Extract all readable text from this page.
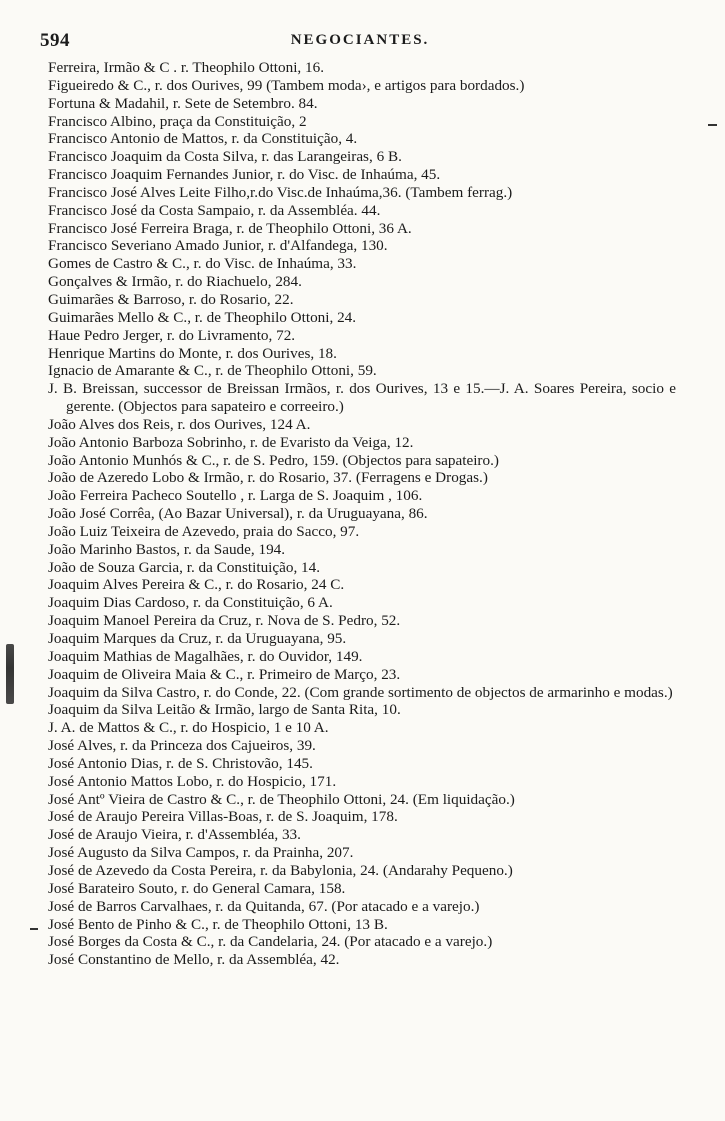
594	NEGOCIANTES.
Ferreira, Irmão & C . r. Theophilo Ottoni, 16.
Figueiredo & C., r. dos Ourives, 99 (Tambem moda›, e artigos para bordados.)
Fortuna & Madahil, r. Sete de Setembro. 84.
Francisco Albino, praça da Constituição, 2
Francisco Antonio de Mattos, r. da Constituição, 4.
Francisco Joaquim da Costa Silva, r. das Larangeiras, 6 B.
Francisco Joaquim Fernandes Junior, r. do Visc. de Inhaúma, 45.
Francisco José Alves Leite Filho,r.do Visc.de Inhaúma,36. (Tambem ferrag.)
Francisco José da Costa Sampaio, r. da Assembléa. 44.
Francisco José Ferreira Braga, r. de Theophilo Ottoni, 36 A.
Francisco Severiano Amado Junior, r. d'Alfandega, 130.
Gomes de Castro & C., r. do Visc. de Inhaúma, 33.
Gonçalves & Irmão, r. do Riachuelo, 284.
Guimarães & Barroso, r. do Rosario, 22.
Guimarães Mello & C., r. de Theophilo Ottoni, 24.
Haue Pedro Jerger, r. do Livramento, 72.
Henrique Martins do Monte, r. dos Ourives, 18.
Ignacio de Amarante & C., r. de Theophilo Ottoni, 59.
J. B. Breissan, successor de Breissan Irmãos, r. dos Ourives, 13 e 15.—J. A. Soares Pereira, socio e gerente. (Objectos para sapateiro e correeiro.)
João Alves dos Reis, r. dos Ourives, 124 A.
João Antonio Barboza Sobrinho, r. de Evaristo da Veiga, 12.
João Antonio Munhós & C., r. de S. Pedro, 159. (Objectos para sapateiro.)
João de Azeredo Lobo & Irmão, r. do Rosario, 37. (Ferragens e Drogas.)
João Ferreira Pacheco Soutello , r. Larga de S. Joaquim , 106.
João José Corrêa, (Ao Bazar Universal), r. da Uruguayana, 86.
João Luiz Teixeira de Azevedo, praia do Sacco, 97.
João Marinho Bastos, r. da Saude, 194.
João de Souza Garcia, r. da Constituição, 14.
Joaquim Alves Pereira & C., r. do Rosario, 24 C.
Joaquim Dias Cardoso, r. da Constituição, 6 A.
Joaquim Manoel Pereira da Cruz, r. Nova de S. Pedro, 52.
Joaquim Marques da Cruz, r. da Uruguayana, 95.
Joaquim Mathias de Magalhães, r. do Ouvidor, 149.
Joaquim de Oliveira Maia & C., r. Primeiro de Março, 23.
Joaquim da Silva Castro, r. do Conde, 22. (Com grande sortimento de objectos de armarinho e modas.)
Joaquim da Silva Leitão & Irmão, largo de Santa Rita, 10.
J. A. de Mattos & C., r. do Hospicio, 1 e 10 A.
José Alves, r. da Princeza dos Cajueiros, 39.
José Antonio Dias, r. de S. Christovão, 145.
José Antonio Mattos Lobo, r. do Hospicio, 171.
José Antº Vieira de Castro & C., r. de Theophilo Ottoni, 24. (Em liquidação.)
José de Araujo Pereira Villas-Boas, r. de S. Joaquim, 178.
José de Araujo Vieira, r. d'Assembléa, 33.
José Augusto da Silva Campos, r. da Prainha, 207.
José de Azevedo da Costa Pereira, r. da Babylonia, 24. (Andarahy Pequeno.)
José Barateiro Souto, r. do General Camara, 158.
José de Barros Carvalhaes, r. da Quitanda, 67. (Por atacado e a varejo.)
José Bento de Pinho & C., r. de Theophilo Ottoni, 13 B.
José Borges da Costa & C., r. da Candelaria, 24. (Por atacado e a varejo.)
José Constantino de Mello, r. da Assembléa, 42.
